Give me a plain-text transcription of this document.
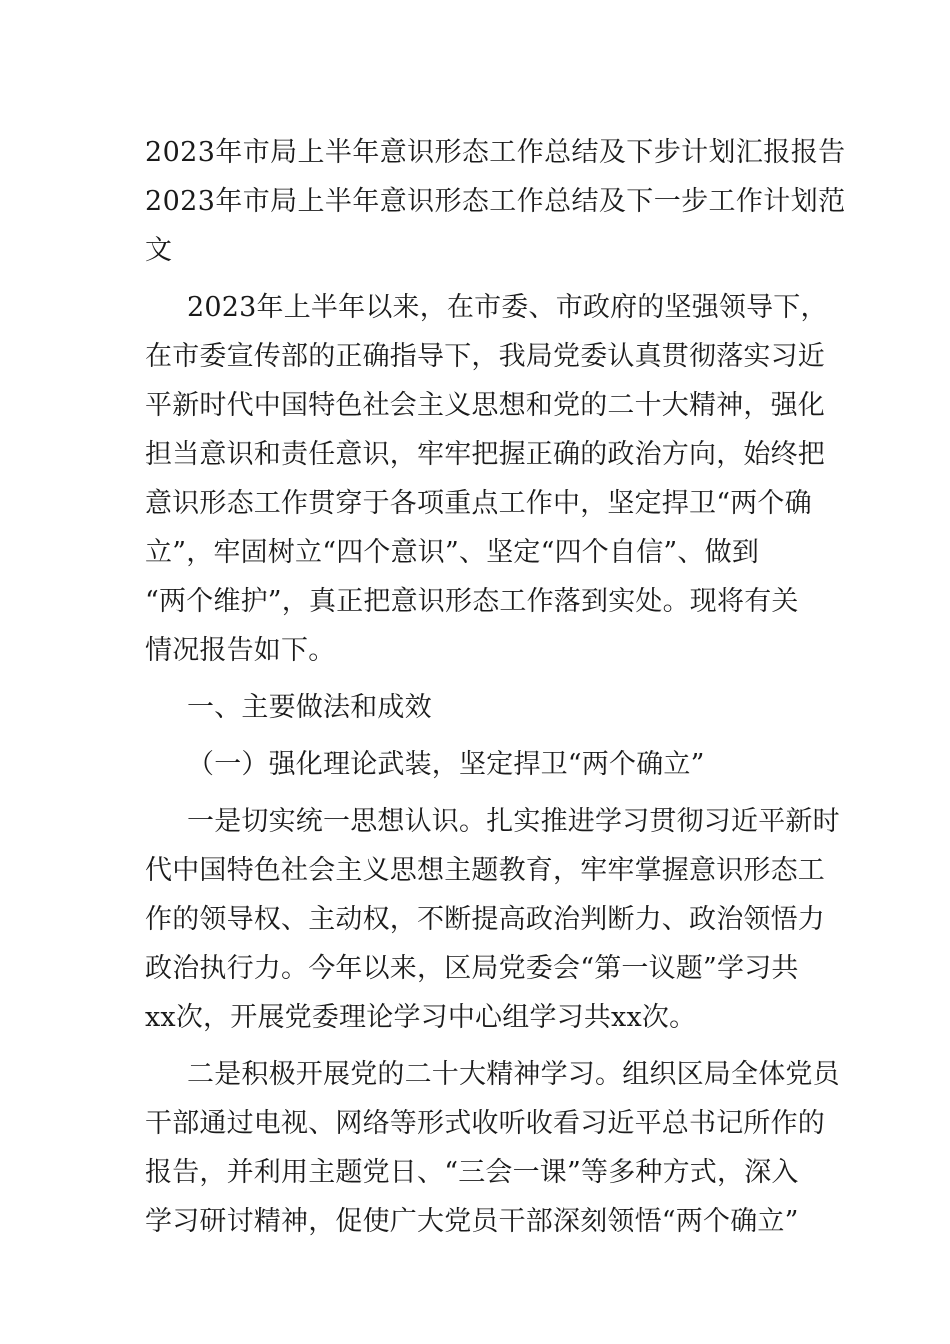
2023年市局上半年意识形态工作总结及下步计划汇报报告
2023年市局上半年意识形态工作总结及下一步工作计划范
文
2023年上半年以来，在市委、市政府的坚强领导下，
在市委宣传部的正确指导下，我局党委认真贯彻落实习近
平新时代中国特色社会主义思想和党的二十大精神，强化
担当意识和责任意识，牢牢把握正确的政治方向，始终把
意识形态工作贯穿于各项重点工作中，坚定捍卫“两个确
立”，牢固树立“四个意识”、坚定“四个自信”、做到
“两个维护”，真正把意识形态工作落到实处。现将有关
情况报告如下。
一、主要做法和成效
（一）强化理论武装，坚定捍卫“两个确立”
一是切实统一思想认识。扎实推进学习贯彻习近平新时
代中国特色社会主义思想主题教育，牢牢掌握意识形态工
作的领导权、主动权，不断提高政治判断力、政治领悟力
政治执行力。今年以来，区局党委会“第一议题”学习共
xx次，开展党委理论学习中心组学习共xx次。
二是积极开展党的二十大精神学习。组织区局全体党员
干部通过电视、网络等形式收听收看习近平总书记所作的
报告，并利用主题党日、“三会一课”等多种方式，深入
学习研讨精神，促使广大党员干部深刻领悟“两个确立”
